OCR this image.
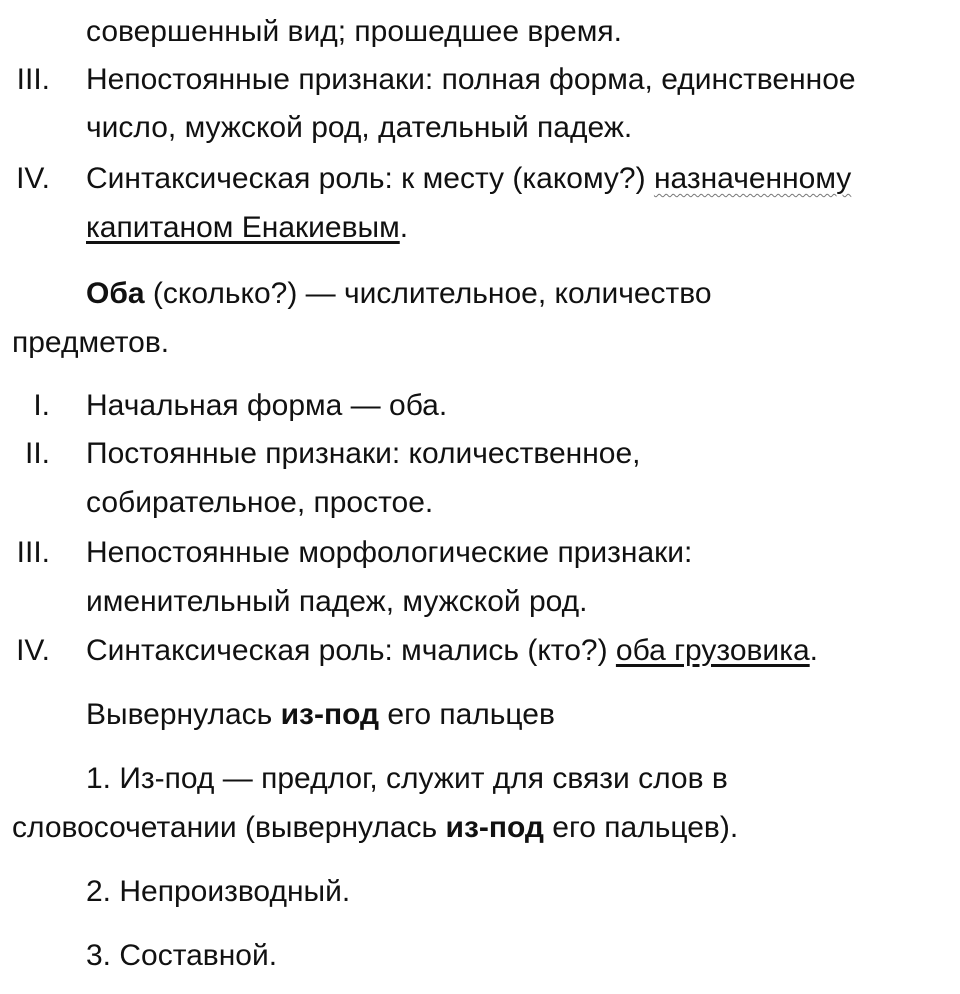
совершенный вид; прошедшее время.
III. Непостоянные признаки: полная форма, единственное
число, мужской род, дательный падеж.
IV. Синтаксическая роль: к месту (какому?) назначенному
капитаном Енакиевым.
Оба (сколько?) — числительное, количество
предметов.
I. Начальная форма — оба.
II. Постоянные признаки: количественное,
собирательное, простое.
III. Непостоянные морфологические признаки:
именительный падеж, мужской род.
IV. Синтаксическая роль: мчались (кто?) оба грузовика.
Вывернулась из-под его пальцев
1. Из-под — предлог, служит для связи слов в
словосочетании (вывернулась из-под его пальцев).
2. Непроизводный.
3. Составной.
